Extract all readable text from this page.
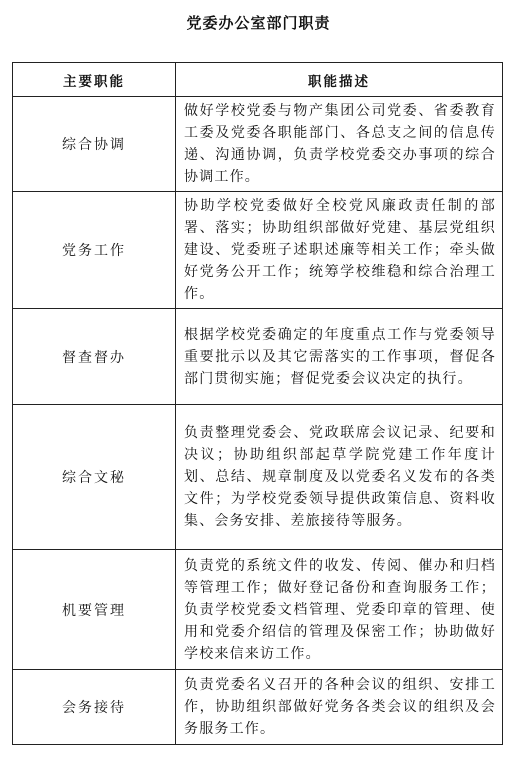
党委办公室部门职责
主要职能	职能描述
综合协调	做好学校党委与物产集团公司党委、省委教育工委及党委各职能部门、各总支之间的信息传递、沟通协调，负责学校党委交办事项的综合协调工作。
党务工作	协助学校党委做好全校党风廉政责任制的部署、落实；协助组织部做好党建、基层党组织建设、党委班子述职述廉等相关工作；牵头做好党务公开工作；统筹学校维稳和综合治理工作。
督查督办	根据学校党委确定的年度重点工作与党委领导重要批示以及其它需落实的工作事项，督促各部门贯彻实施；督促党委会议决定的执行。
综合文秘	负责整理党委会、党政联席会议记录、纪要和决议；协助组织部起草学院党建工作年度计划、总结、规章制度及以党委名义发布的各类文件；为学校党委领导提供政策信息、资料收集、会务安排、差旅接待等服务。
机要管理	负责党的系统文件的收发、传阅、催办和归档等管理工作；做好登记备份和查询服务工作；负责学校党委文档管理、党委印章的管理、使用和党委介绍信的管理及保密工作；协助做好学校来信来访工作。
会务接待	负责党委名义召开的各种会议的组织、安排工作，协助组织部做好党务各类会议的组织及会务服务工作。
